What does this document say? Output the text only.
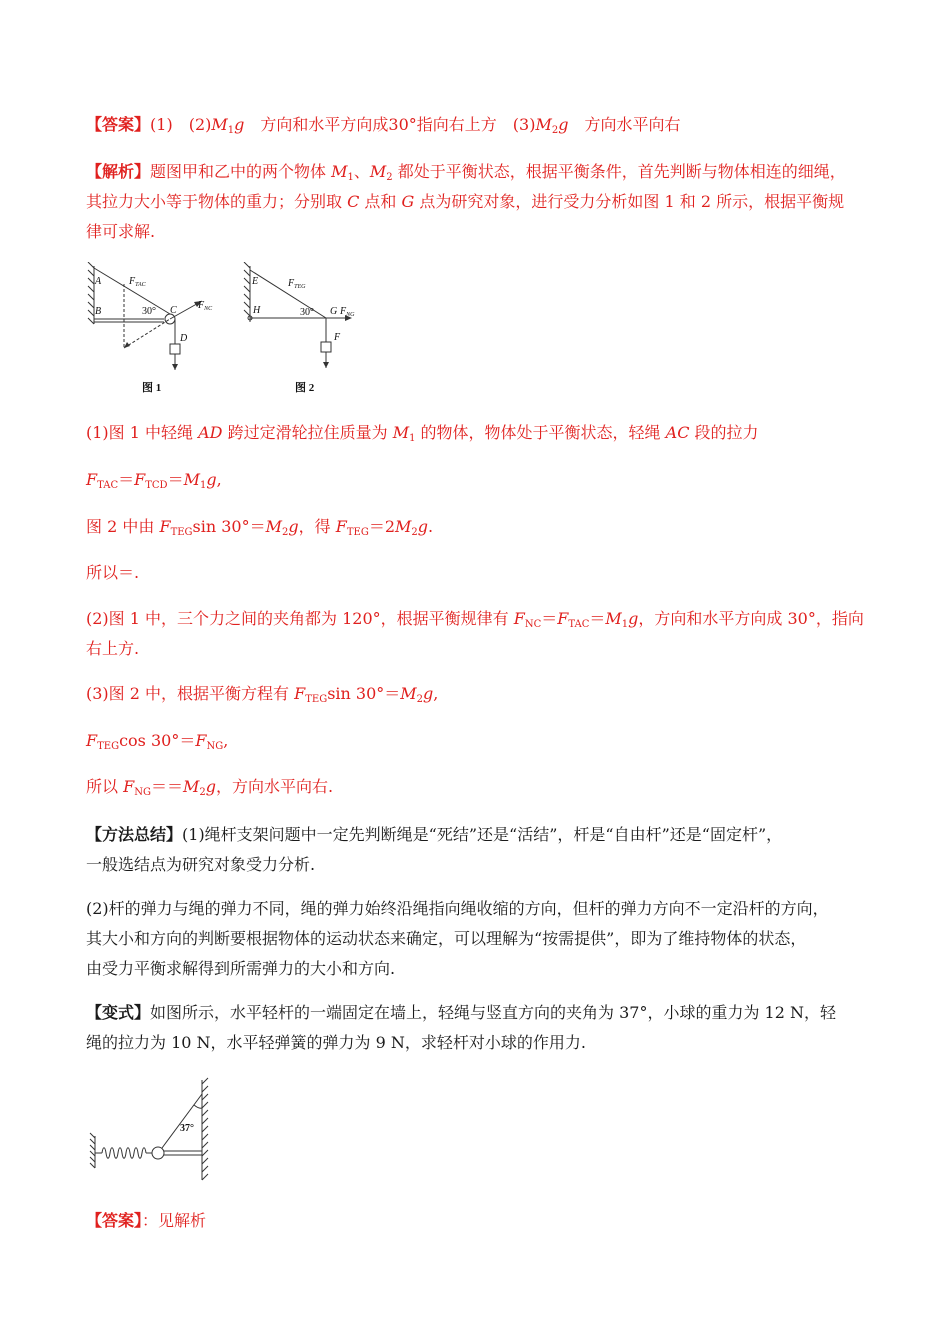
【答案】(1)　 (2)M1g　方向和水平方向成30°指向右上方　(3)M2g　方向水平向右
【解析】题图甲和乙中的两个物体 M1、M2 都处于平衡状态，根据平衡条件，首先判断与物体相连的细绳，
其拉力大小等于物体的重力；分别取 C 点和 G 点为研究对象，进行受力分析如图 1 和 2 所示，根据平衡规
律可求解.
A
B	C
D
$F_{TAC}$
$F_{NC}$
30°
图 1
E
H	G
F
$F_{TEG}$
$F_{NG}$
30°
图 2
(1)图 1 中轻绳 AD 跨过定滑轮拉住质量为 M1 的物体，物体处于平衡状态，轻绳 AC 段的拉力
FTAC＝FTCD＝M1g,
图 2 中由 FTEGsin 30°＝M2g，得 FTEG＝2M2g.
所以＝.
(2)图 1 中，三个力之间的夹角都为 120°，根据平衡规律有 FNC＝FTAC＝M1g，方向和水平方向成 30°，指向
右上方.
(3)图 2 中，根据平衡方程有 FTEGsin 30°＝M2g,
FTEGcos 30°＝FNG,
所以 FNG＝＝M2g，方向水平向右.
【方法总结】(1)绳杆支架问题中一定先判断绳是“死结”还是“活结”，杆是“自由杆”还是“固定杆”，
一般选结点为研究对象受力分析.
(2)杆的弹力与绳的弹力不同，绳的弹力始终沿绳指向绳收缩的方向，但杆的弹力方向不一定沿杆的方向，
其大小和方向的判断要根据物体的运动状态来确定，可以理解为“按需提供”，即为了维持物体的状态，
由受力平衡求解得到所需弹力的大小和方向.
【变式】如图所示，水平轻杆的一端固定在墙上，轻绳与竖直方向的夹角为 37°，小球的重力为 12 N，轻
绳的拉力为 10 N，水平轻弹簧的弹力为 9 N，求轻杆对小球的作用力.
37°
【答案】：见解析
